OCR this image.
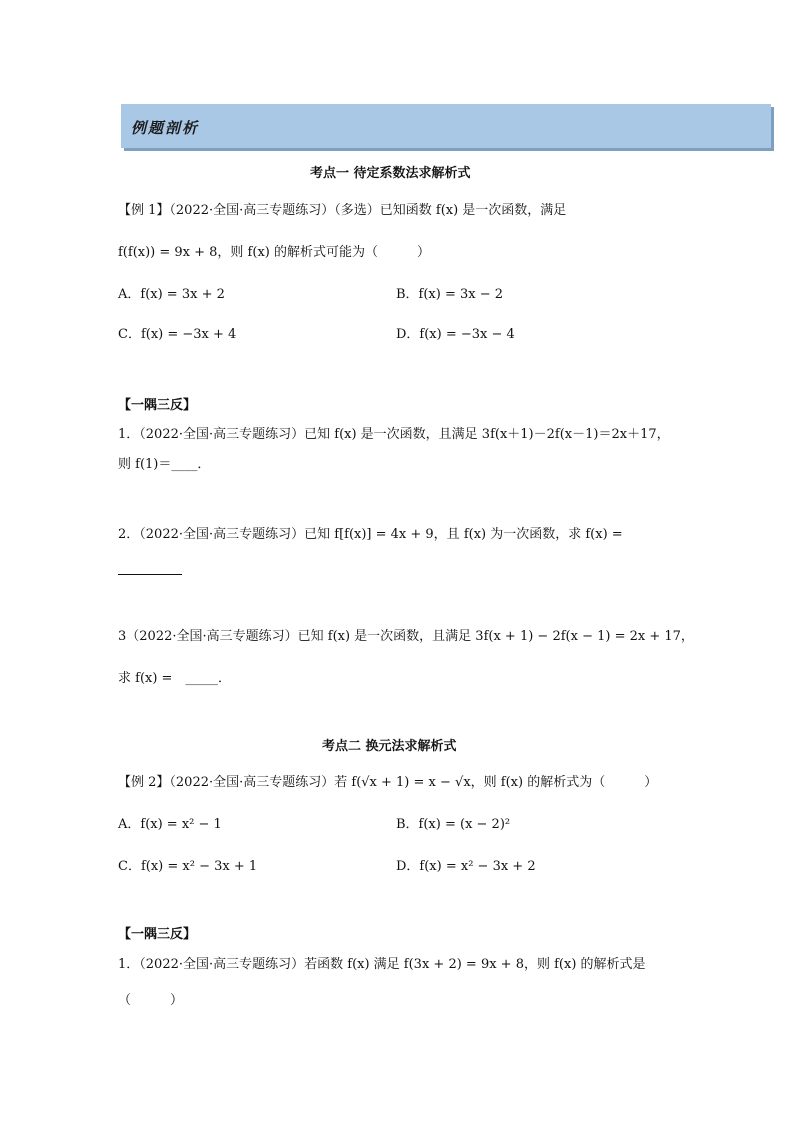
例题剖析
考点一 待定系数法求解析式
【例 1】（2022·全国·高三专题练习）（多选）已知函数 f(x) 是一次函数，满足
f(f(x)) = 9x + 8，则 f(x) 的解析式可能为（　　　）
A．f(x) = 3x + 2	B．f(x) = 3x − 2
C．f(x) = −3x + 4	D．f(x) = −3x − 4
【一隅三反】
1．（2022·全国·高三专题练习）已知 f(x) 是一次函数，且满足 3f(x＋1)－2f(x－1)＝2x＋17，
则 f(1)＝____．
2．（2022·全国·高三专题练习）已知 f[f(x)] = 4x + 9，且 f(x) 为一次函数，求 f(x) =
3（2022·全国·高三专题练习）已知 f(x) 是一次函数，且满足 3f(x + 1) − 2f(x − 1) = 2x + 17，
求 f(x) =　_____．
考点二 换元法求解析式
【例 2】（2022·全国·高三专题练习）若 f(√x + 1) = x − √x，则 f(x) 的解析式为（　　　）
A．f(x) = x² − 1	B．f(x) = (x − 2)²
C．f(x) = x² − 3x + 1	D．f(x) = x² − 3x + 2
【一隅三反】
1．（2022·全国·高三专题练习）若函数 f(x) 满足 f(3x + 2) = 9x + 8，则 f(x) 的解析式是
（　　　）
